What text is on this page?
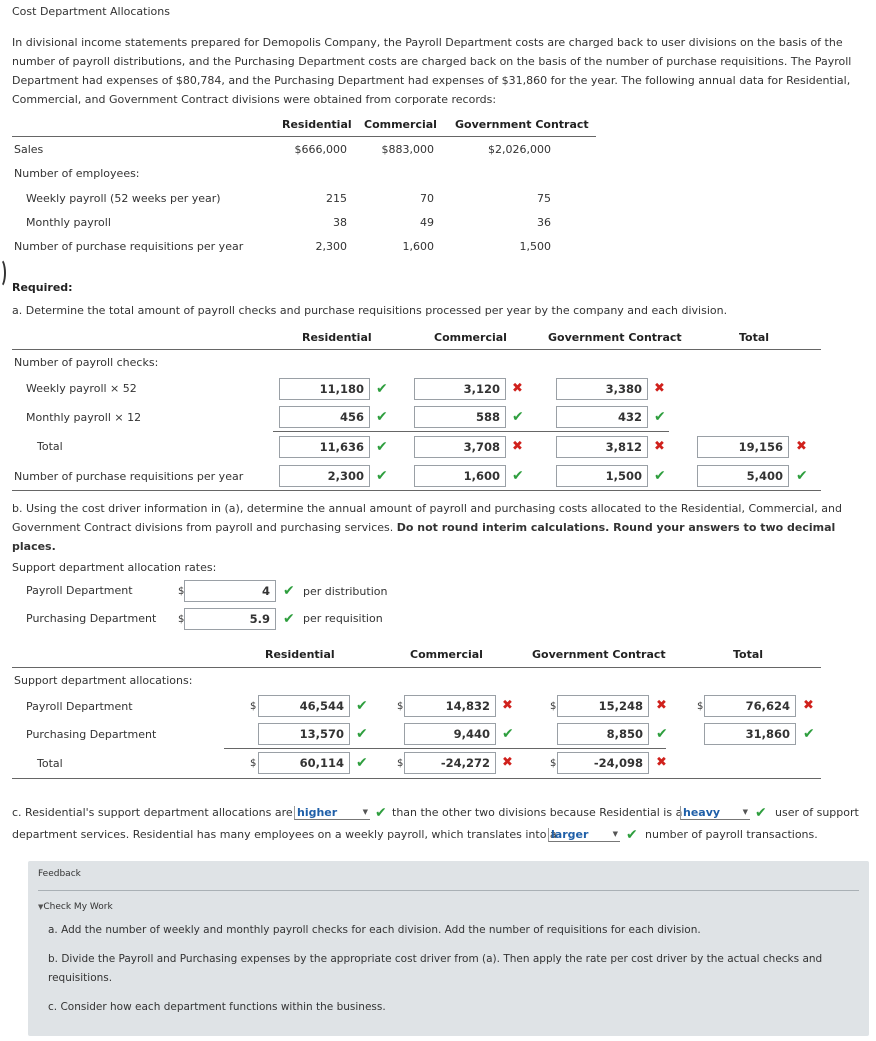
Cost Department Allocations
In divisional income statements prepared for Demopolis Company, the Payroll Department costs are charged back to user divisions on the basis of the number of payroll distributions, and the Purchasing Department costs are charged back on the basis of the number of purchase requisitions. The Payroll Department had expenses of $80,784, and the Purchasing Department had expenses of $31,860 for the year. The following annual data for Residential, Commercial, and Government Contract divisions were obtained from corporate records:
Residential Commercial Government Contract
Sales	$666,000	$883,000	$2,026,000
Number of employees:
Weekly payroll (52 weeks per year)	215	70	75
Monthly payroll	38	49	36
Number of purchase requisitions per year	2,300	1,600	1,500
Required:
a. Determine the total amount of payroll checks and purchase requisitions processed per year by the company and each division.
Residential	Commercial	Government Contract	Total
Number of payroll checks:
Weekly payroll × 52	11,180 ✔	3,120 ✖	3,380 ✖
Monthly payroll × 12	456 ✔	588 ✔	432 ✔
Total	11,636 ✔	3,708 ✖	3,812 ✖	19,156	✖
Number of purchase requisitions per year	2,300 ✔	1,600 ✔	1,500 ✔	5,400 ✔
b. Using the cost driver information in (a), determine the annual amount of payroll and purchasing costs allocated to the Residential, Commercial, and Government Contract divisions from payroll and purchasing services. Do not round interim calculations. Round your answers to two decimal places.
Support department allocation rates:
Payroll Department	$	4 ✔ per distribution
Purchasing Department $	5.9 ✔ per requisition
Residential	Commercial	Government Contract	Total
Support department allocations:
Payroll Department	$	46,544 ✔	$	14,832 ✖	$	15,248	✖	$	76,624	✖
Purchasing Department	13,570 ✔	9,440 ✔	8,850 ✔	31,860 ✔
Total	$	60,114 ✔	$	-24,272 ✖	$	-24,098	✖
c. Residential's support department allocations are higher	▼ ✔ than the other two divisions because Residential is a heavy	▼ ✔ user of support
department services. Residential has many employees on a weekly payroll, which translates into a
larger	▼ ✔ number of payroll transactions.
Feedback
▼Check My Work
a. Add the number of weekly and monthly payroll checks for each division. Add the number of requisitions for each division.
b. Divide the Payroll and Purchasing expenses by the appropriate cost driver from (a). Then apply the rate per cost driver by the actual checks and requisitions.
c. Consider how each department functions within the business.
